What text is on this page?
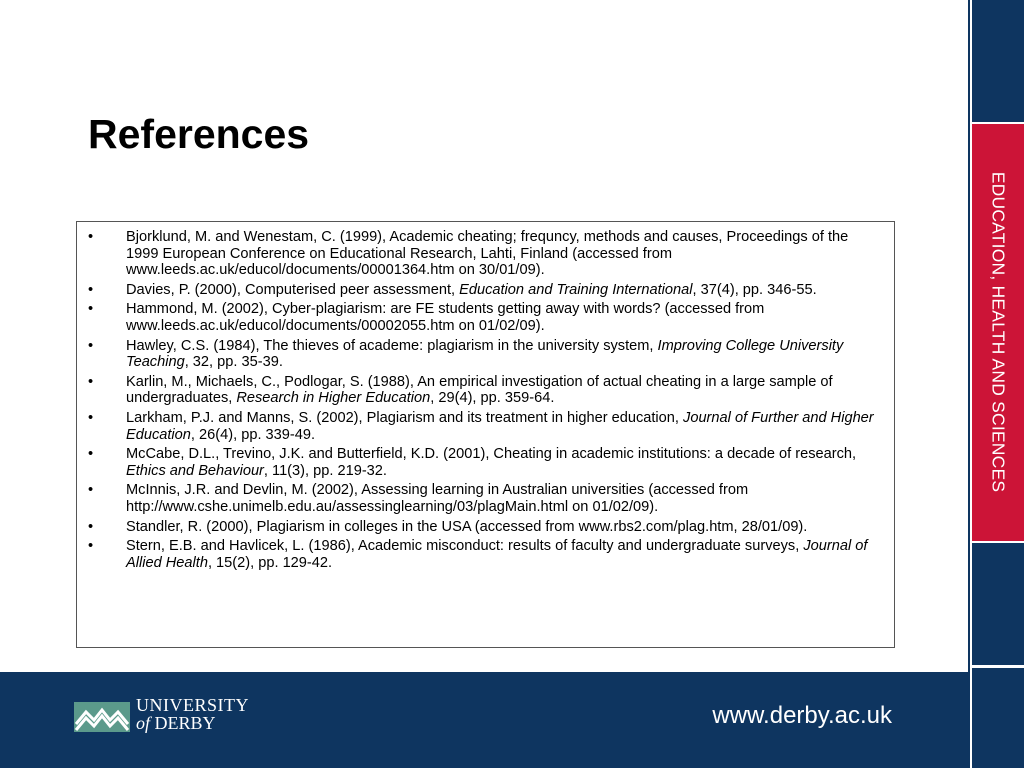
References
• Bjorklund, M. and Wenestam, C. (1999), Academic cheating; frequncy, methods and causes, Proceedings of the 1999 European Conference on Educational Research, Lahti, Finland (accessed from www.leeds.ac.uk/educol/documents/00001364.htm on 30/01/09).
• Davies, P. (2000), Computerised peer assessment, Education and Training International, 37(4), pp. 346-55.
• Hammond, M. (2002), Cyber-plagiarism: are FE students getting away with words? (accessed from www.leeds.ac.uk/educol/documents/00002055.htm on 01/02/09).
• Hawley, C.S. (1984), The thieves of academe: plagiarism in the university system, Improving College University Teaching, 32, pp. 35-39.
• Karlin, M., Michaels, C., Podlogar, S. (1988), An empirical investigation of actual cheating in a large sample of undergraduates, Research in Higher Education, 29(4), pp. 359-64.
• Larkham, P.J. and Manns, S. (2002), Plagiarism and its treatment in higher education, Journal of Further and Higher Education, 26(4), pp. 339-49.
• McCabe, D.L., Trevino, J.K. and Butterfield, K.D. (2001), Cheating in academic institutions: a decade of research, Ethics and Behaviour, 11(3), pp. 219-32.
• McInnis, J.R. and Devlin, M. (2002), Assessing learning in Australian universities (accessed from http://www.cshe.unimelb.edu.au/assessinglearning/03/plagMain.html on 01/02/09).
• Standler, R. (2000), Plagiarism in colleges in the USA (accessed from www.rbs2.com/plag.htm, 28/01/09).
• Stern, E.B. and Havlicek, L. (1986), Academic misconduct: results of faculty and undergraduate surveys, Journal of Allied Health, 15(2), pp. 129-42.
EDUCATION, HEALTH AND SCIENCES
UNIVERSITY
of DERBY	www.derby.ac.uk
